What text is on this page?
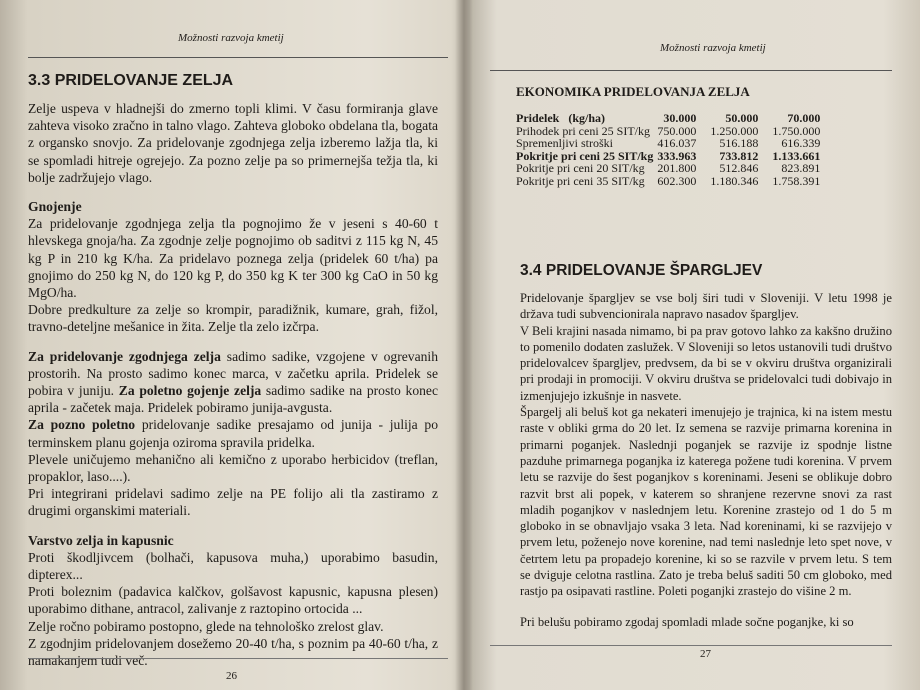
Možnosti razvoja kmetij
3.3 PRIDELOVANJE ZELJA

Zelje uspeva v hladnejši do zmerno topli klimi. V času formiranja glave zahteva visoko zračno in talno vlago. Zahteva globoko obdelana tla, bogata z organsko snovjo. Za pridelovanje zgodnjega zelja izberemo lažja tla, ki se spomladi hitreje ogrejejo. Za pozno zelje pa so primernejša težja tla, ki bolje zadržujejo vlago.

Gnojenje

Za pridelovanje zgodnjega zelja tla pognojimo že v jeseni s 40-60 t hlevskega gnoja/ha. Za zgodnje zelje pognojimo ob saditvi z 115 kg N, 45 kg P in 210 kg K/ha. Za pridelavo poznega zelja (pridelek 60 t/ha) pa gnojimo do 250 kg N, do 120 kg P, do 350 kg K ter 300 kg CaO in 50 kg MgO/ha.

Dobre predkulture za zelje so krompir, paradižnik, kumare, grah, fižol, travno-deteljne mešanice in žita. Zelje tla zelo izčrpa.

Za pridelovanje zgodnjega zelja sadimo sadike, vzgojene v ogrevanih prostorih. Na prosto sadimo konec marca, v začetku aprila. Pridelek se pobira v juniju. Za poletno gojenje zelja sadimo sadike na prosto konec aprila - začetek maja. Pridelek pobiramo junija-avgusta.

Za pozno poletno pridelovanje sadike presajamo od junija - julija po terminskem planu gojenja oziroma spravila pridelka.

Plevele uničujemo mehanično ali kemično z uporabo herbicidov (treflan, propaklor, laso....).

Pri integrirani pridelavi sadimo zelje na PE folijo ali tla zastiramo z drugimi organskimi materiali.

Varstvo zelja in kapusnic

Proti škodljivcem (bolhači, kapusova muha,) uporabimo basudin, dipterex...

Proti boleznim (padavica kalčkov, golšavost kapusnic, kapusna plesen) uporabimo dithane, antracol, zalivanje z raztopino ortocida ...

Zelje ročno pobiramo postopno, glede na tehnološko zrelost glav.

Z zgodnjim pridelovanjem dosežemo 20-40 t/ha, s poznim pa 40-60 t/ha, z namakanjem tudi več.

26
Možnosti razvoja kmetij
EKONOMIKA PRIDELOVANJA ZELJA
Pridelek (kg/ha)	30.000	50.000	70.000
Prihodek pri ceni 25 SIT/kg	750.000	1.250.000	1.750.000
Spremenljivi stroški	416.037	516.188	616.339
Pokritje pri ceni 25 SIT/kg	333.963	733.812	1.133.661
Pokritje pri ceni 20 SIT/kg	201.800	512.846	823.891
Pokritje pri ceni 35 SIT/kg	602.300	1.180.346	1.758.391
3.4 PRIDELOVANJE ŠPARGLJEV

Pridelovanje špargljev se vse bolj širi tudi v Sloveniji. V letu 1998 je država tudi subvencionirala napravo nasadov špargljev.

V Beli krajini nasada nimamo, bi pa prav gotovo lahko za kakšno družino to pomenilo dodaten zaslužek. V Sloveniji so letos ustanovili tudi društvo pridelovalcev špargljev, predvsem, da bi se v okviru društva organizirali pri prodaji in promociji. V okviru društva se pridelovalci tudi dobivajo in izmenjujejo izkušnje in nasvete.

Špargelj ali beluš kot ga nekateri imenujejo je trajnica, ki na istem mestu raste v obliki grma do 20 let. Iz semena se razvije primarna korenina in primarni poganjek. Naslednji poganjek se razvije iz spodnje listne pazduhe primarnega poganjka iz katerega požene tudi korenina. V prvem letu se razvije do šest poganjkov s koreninami. Jeseni se oblikuje dobro razvit brst ali popek, v katerem so shranjene rezervne snovi za rast mladih poganjkov v naslednjem letu. Korenine zrastejo od 1 do 5 m globoko in se obnavljajo vsaka 3 leta. Nad koreninami, ki se razvijejo v prvem letu, poženejo nove korenine, nad temi naslednje leto spet nove, v četrtem letu pa propadejo korenine, ki so se razvile v prvem letu. S tem se dviguje celotna rastlina. Zato je treba beluš saditi 50 cm globoko, med rastjo pa osipavati rastline. Poleti poganjki zrastejo do višine 2 m.

Pri belušu pobiramo zgodaj spomladi mlade sočne poganjke, ki so

27
